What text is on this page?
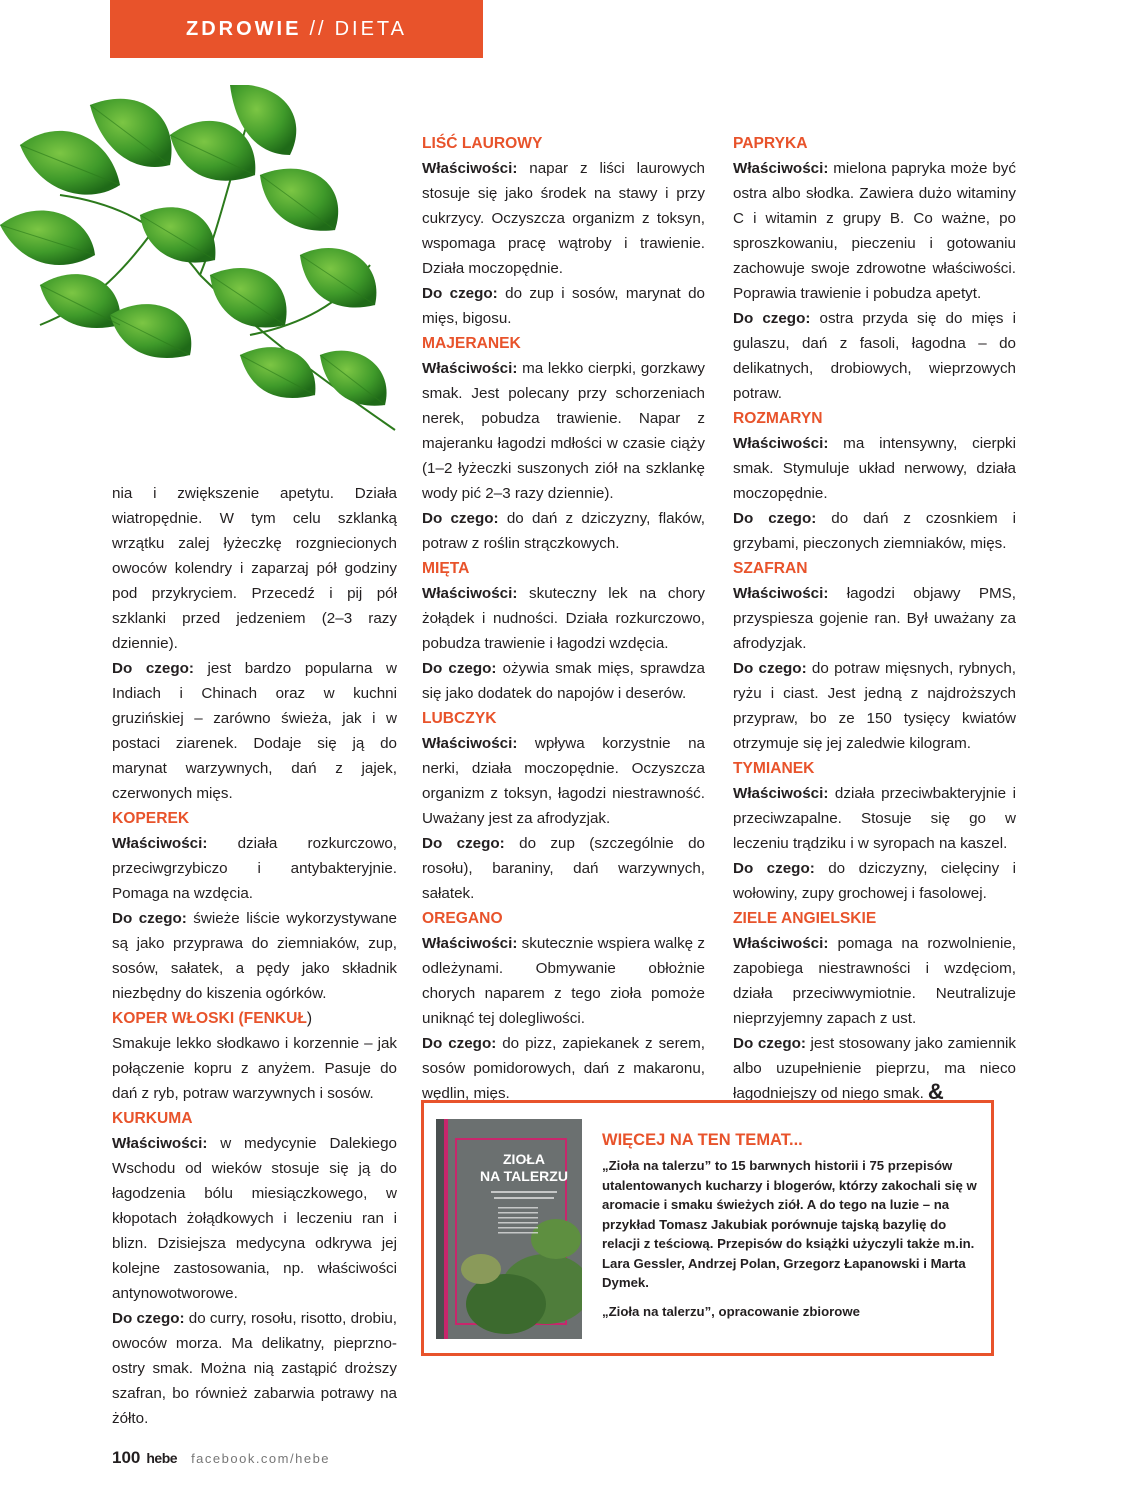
ZDROWIE // DIETA

nia i zwiększenie apetytu. Działa wiatropędnie. W tym celu szklanką wrzątku zalej łyżeczkę rozgniecionych owoców kolendry i zaparzaj pół godziny pod przykryciem. Przecedź i pij pół szklanki przed jedzeniem (2–3 razy dziennie).

Do czego: jest bardzo popularna w Indiach i Chinach oraz w kuchni gruzińskiej – zarówno świeża, jak i w postaci ziarenek. Dodaje się ją do marynat warzywnych, dań z jajek, czerwonych mięs.

KOPEREK

Właściwości: działa rozkurczowo, przeciwgrzybiczo i antybakteryjnie. Pomaga na wzdęcia.

Do czego: świeże liście wykorzystywane są jako przyprawa do ziemniaków, zup, sosów, sałatek, a pędy jako składnik niezbędny do kiszenia ogórków.

KOPER WŁOSKI (FENKUŁ)

Smakuje lekko słodkawo i korzennie – jak połączenie kopru z anyżem. Pasuje do dań z ryb, potraw warzywnych i sosów.

KURKUMA

Właściwości: w medycynie Dalekiego Wschodu od wieków stosuje się ją do łagodzenia bólu miesiączkowego, w kłopotach żołądkowych i leczeniu ran i blizn. Dzisiejsza medycyna odkrywa jej kolejne zastosowania, np. właściwości antynowotworowe.

Do czego: do curry, rosołu, risotto, drobiu, owoców morza. Ma delikatny, pieprzno-ostry smak. Można nią zastąpić droższy szafran, bo również zabarwia potrawy na żółto.

LIŚĆ LAUROWY

Właściwości: napar z liści laurowych stosuje się jako środek na stawy i przy cukrzycy. Oczyszcza organizm z toksyn, wspomaga pracę wątroby i trawienie. Działa moczopędnie.

Do czego: do zup i sosów, marynat do mięs, bigosu.

MAJERANEK

Właściwości: ma lekko cierpki, gorzkawy smak. Jest polecany przy schorzeniach nerek, pobudza trawienie. Napar z majeranku łagodzi mdłości w czasie ciąży (1–2 łyżeczki suszonych ziół na szklankę wody pić 2–3 razy dziennie).

Do czego: do dań z dziczyzny, flaków, potraw z roślin strączkowych.

MIĘTA

Właściwości: skuteczny lek na chory żołądek i nudności. Działa rozkurczowo, pobudza trawienie i łagodzi wzdęcia.

Do czego: ożywia smak mięs, sprawdza się jako dodatek do napojów i deserów.

LUBCZYK

Właściwości: wpływa korzystnie na nerki, działa moczopędnie. Oczyszcza organizm z toksyn, łagodzi niestrawność. Uważany jest za afrodyzjak.

Do czego: do zup (szczególnie do rosołu), baraniny, dań warzywnych, sałatek.

OREGANO

Właściwości: skutecznie wspiera walkę z odleżynami. Obmywanie obłożnie chorych naparem z tego zioła pomoże uniknąć tej dolegliwości.

Do czego: do pizz, zapiekanek z serem, sosów pomidorowych, dań z makaronu, wędlin, mięs.

PAPRYKA

Właściwości: mielona papryka może być ostra albo słodka. Zawiera dużo witaminy C i witamin z grupy B. Co ważne, po sproszkowaniu, pieczeniu i gotowaniu zachowuje swoje zdrowotne właściwości. Poprawia trawienie i pobudza apetyt.

Do czego: ostra przyda się do mięs i gulaszu, dań z fasoli, łagodna – do delikatnych, drobiowych, wieprzowych potraw.

ROZMARYN

Właściwości: ma intensywny, cierpki smak. Stymuluje układ nerwowy, działa moczopędnie.

Do czego: do dań z czosnkiem i grzybami, pieczonych ziemniaków, mięs.

SZAFRAN

Właściwości: łagodzi objawy PMS, przyspiesza gojenie ran. Był uważany za afrodyzjak.

Do czego: do potraw mięsnych, rybnych, ryżu i ciast. Jest jedną z najdroższych przypraw, bo ze 150 tysięcy kwiatów otrzymuje się jej zaledwie kilogram.

TYMIANEK

Właściwości: działa przeciwbakteryjnie i przeciwzapalne. Stosuje się go w leczeniu trądziku i w syropach na kaszel.

Do czego: do dziczyzny, cielęciny i wołowiny, zupy grochowej i fasolowej.

ZIELE ANGIELSKIE

Właściwości: pomaga na rozwolnienie, zapobiega niestrawności i wzdęciom, działa przeciwwymiotnie. Neutralizuje nieprzyjemny zapach z ust.

Do czego: jest stosowany jako zamiennik albo uzupełnienie pieprzu, ma nieco łagodniejszy od niego smak. &

ZIOŁA
NA TALERZU

WIĘCEJ NA TEN TEMAT...

„Zioła na talerzu” to 15 barwnych historii i 75 przepisów utalentowanych kucharzy i blogerów, którzy zakochali się w aromacie i smaku świeżych ziół. A do tego na luzie – na przykład Tomasz Jakubiak porównuje tajską bazylię do relacji z teściową. Przepisów do książki użyczyli także m.in. Lara Gessler, Andrzej Polan, Grzegorz Łapanowski i Marta Dymek.

„Zioła na talerzu”, opracowanie zbiorowe

100 hebe facebook.com/hebe
